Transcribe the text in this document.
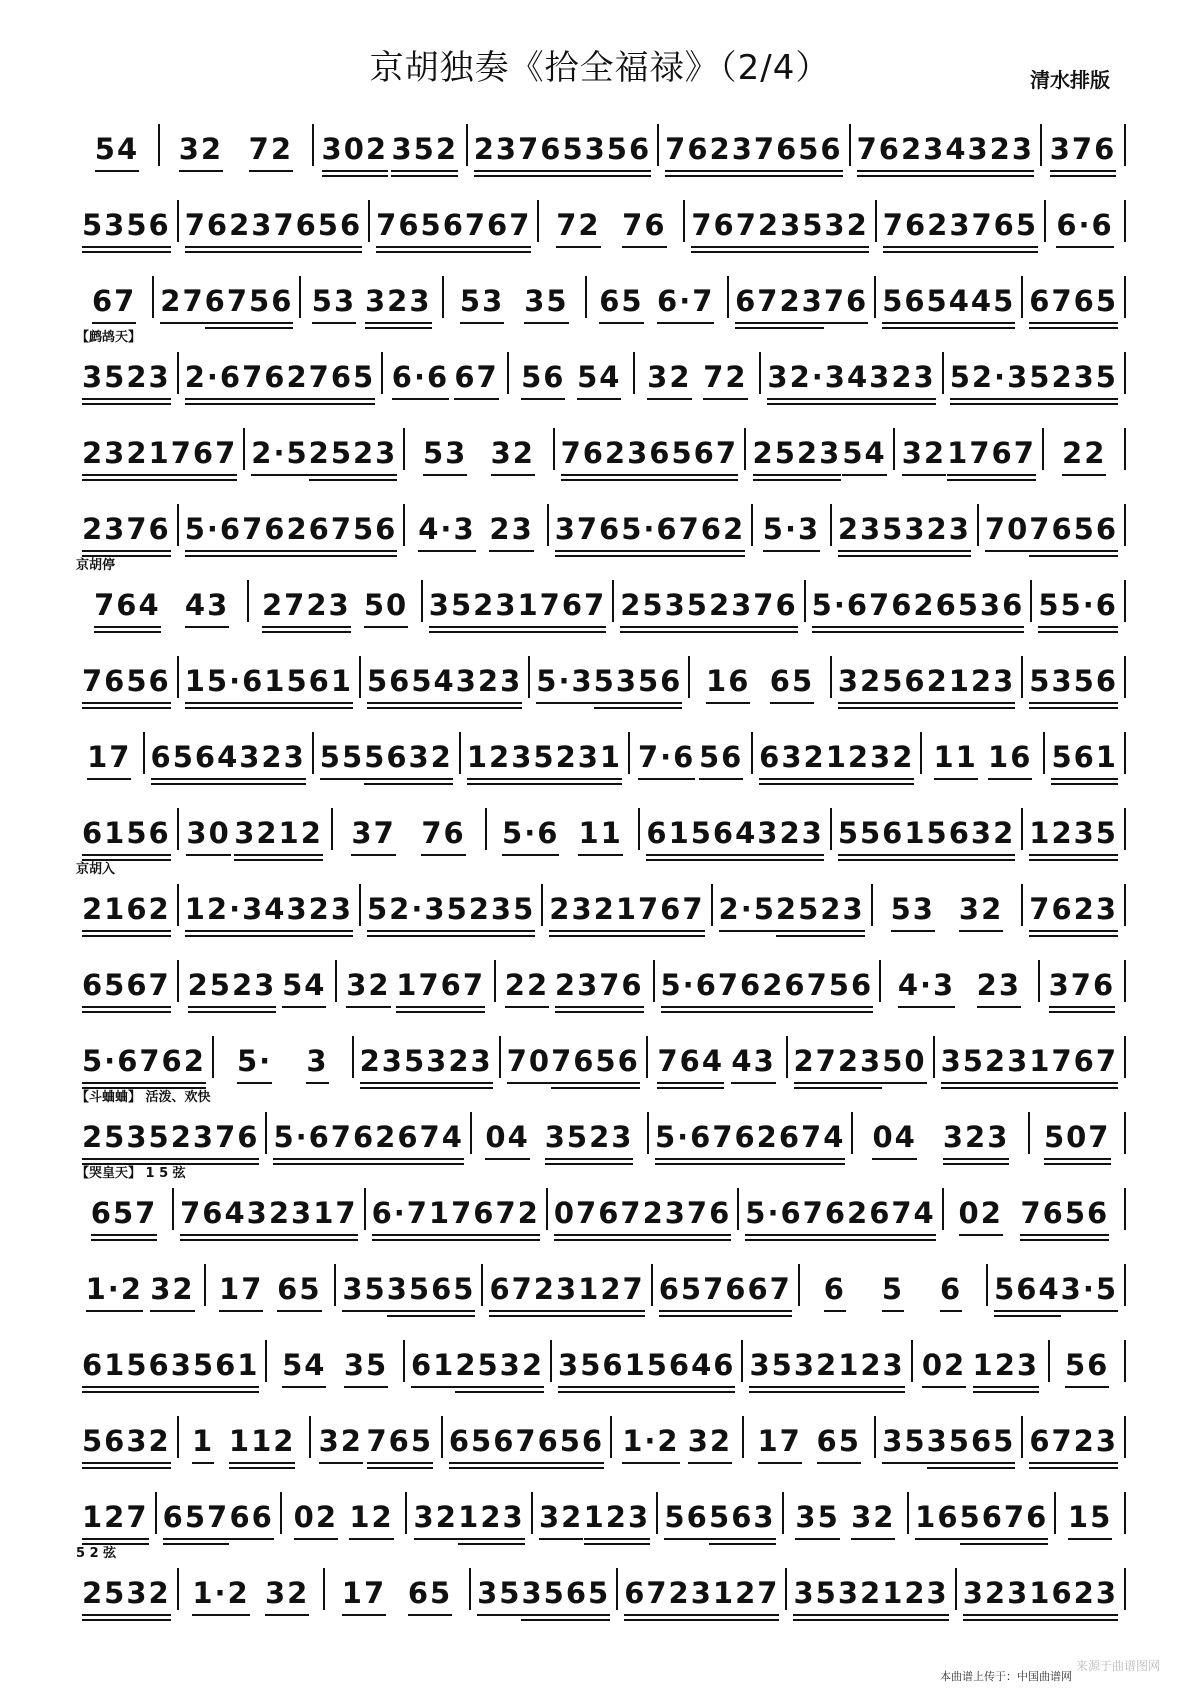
京胡独奏《拾全福禄》（2/4）	清水排版
54 32 72 302 352 2376 5356 7623 7656 7623 4323 376
5356 7623 7656 7656 767 72 76 7672 3532 7623 765 6·6
67 27 6756 53 323 53 35 65 6·7 6723 76 565 445 6765
【鹧鸪天】
3523 2·6762 765 6·6 67 56 54 32 72 32·3 4323 52·3 5235
232 1767 2·5 2523 53 32 7623 6567 2523 54 32 1767 22
2376 5·6762 6756 4·3 23 376 5·6762 5·3 235 323 70 7656
京胡停
764 43 2723 50 3523 1767 2535 2376 5·6762 6536 55·6
7656 15·6 1561 565 4323 5·3 5356 16 65 3256 2123 5356
17 656 4323 55 5632 1235 231 7·6 56 632 1232 11 16 561
6156 30 3212 37 76 5·6 11 6156 4323 5561 5632 1235
京胡入
2162 12·3 4323 52·3 5235 232 1767 2·5 2523 53 32 7623
6567 2523 54 32 1767 22 2376 5·6762 6756 4·3 23 376
5·6762 5· 3 235 323 70 7656 764 43 2723 50 3523 1767
【斗蛐蛐】 活泼、欢快
2535 2376 5·6762 674 04 3523 5·6762 674 04 323 507
【哭皇天】 1 5 弦
657 7643 2317 6·717 672 0767 2376 5·6762 674 02 7656
1·2 32 17 65 35 3565 6723 127 657 667 6 5 6 564 3·5
6156 3561 54 35 61 2532 3561 5646 3532 123 02 123 56
5632 1 112 32 765 656 7656 1·2 32 17 65 35 3565 6723
127 657 66 02 12 32 123 32 123 56 563 35 32 16 5676 15
5 2 弦
2532 1·2 32 17 65 35 3565 6723 127 3532 123 323 1623
本曲谱上传于：中国曲谱网
来源于曲谱图网
